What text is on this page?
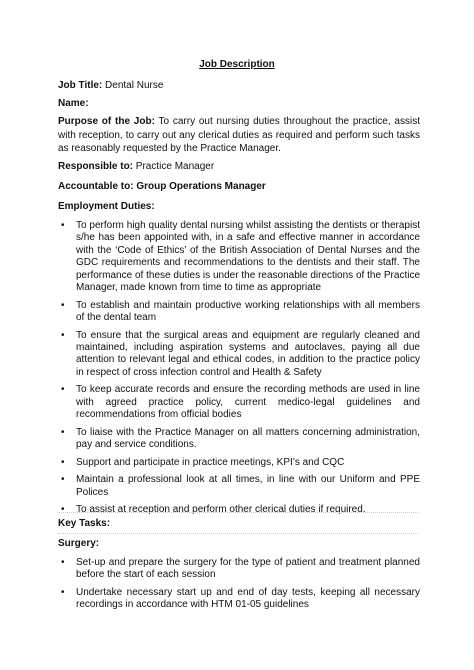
Job Description

Job Title: Dental Nurse

Name:

Purpose of the Job: To carry out nursing duties throughout the practice, assist with reception, to carry out any clerical duties as required and perform such tasks as reasonably requested by the Practice Manager.

Responsible to: Practice Manager

Accountable to: Group Operations Manager

Employment Duties:

• To perform high quality dental nursing whilst assisting the dentists or therapist s/he has been appointed with, in a safe and effective manner in accordance with the ‘Code of Ethics’ of the British Association of Dental Nurses and the GDC requirements and recommendations to the dentists and their staff. The performance of these duties is under the reasonable directions of the Practice Manager, made known from time to time as appropriate
• To establish and maintain productive working relationships with all members of the dental team
• To ensure that the surgical areas and equipment are regularly cleaned and maintained, including aspiration systems and autoclaves, paying all due attention to relevant legal and ethical codes, in addition to the practice policy in respect of cross infection control and Health & Safety
• To keep accurate records and ensure the recording methods are used in line with agreed practice policy, current medico-legal guidelines and recommendations from official bodies
• To liaise with the Practice Manager on all matters concerning administration, pay and service conditions.
• Support and participate in practice meetings, KPI’s and CQC
• Maintain a professional look at all times, in line with our Uniform and PPE Polices
• To assist at reception and perform other clerical duties if required.

Key Tasks:

Surgery:

• Set-up and prepare the surgery for the type of patient and treatment planned before the start of each session
• Undertake necessary start up and end of day tests, keeping all necessary recordings in accordance with HTM 01-05 guidelines
